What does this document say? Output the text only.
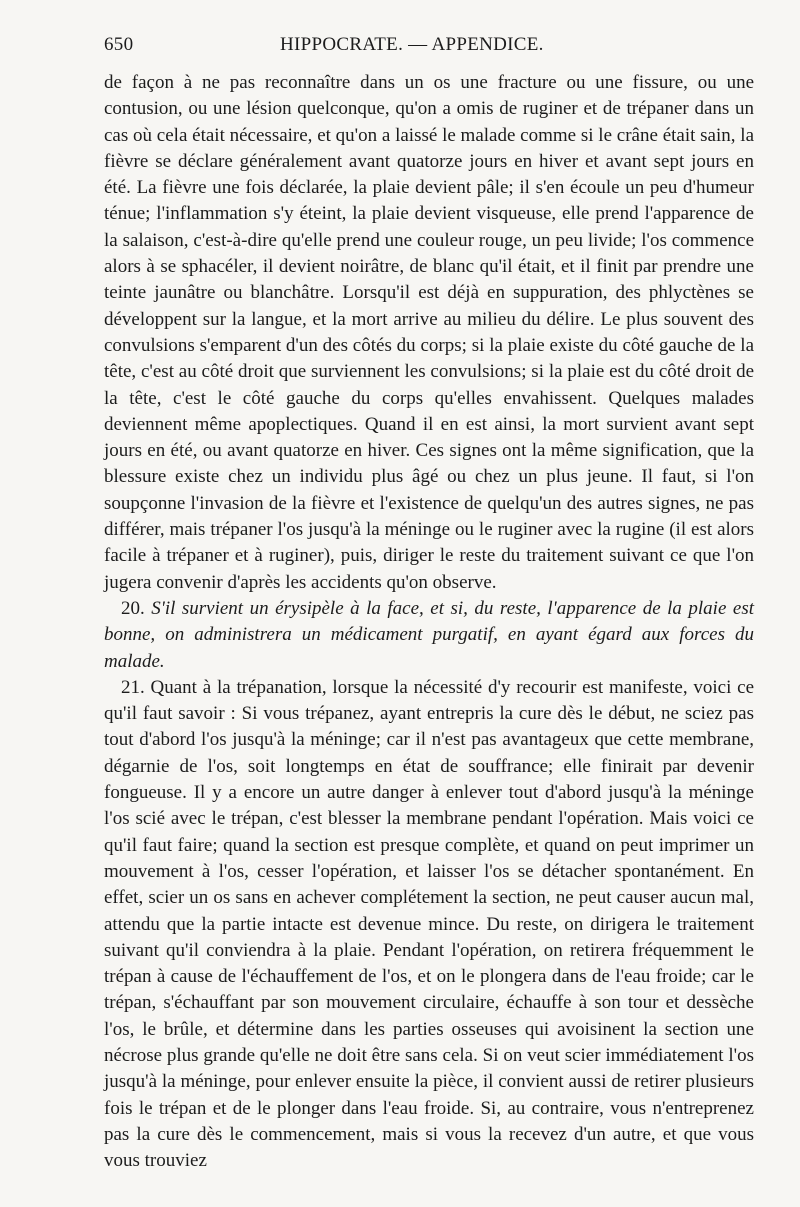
650	HIPPOCRATE. — APPENDICE.

de façon à ne pas reconnaître dans un os une fracture ou une fissure, ou une contusion, ou une lésion quelconque, qu'on a omis de ruginer et de trépaner dans un cas où cela était nécessaire, et qu'on a laissé le malade comme si le crâne était sain, la fièvre se déclare généralement avant quatorze jours en hiver et avant sept jours en été. La fièvre une fois déclarée, la plaie devient pâle; il s'en écoule un peu d'humeur ténue; l'inflammation s'y éteint, la plaie devient visqueuse, elle prend l'apparence de la salaison, c'est-à-dire qu'elle prend une couleur rouge, un peu livide; l'os commence alors à se sphacéler, il devient noirâtre, de blanc qu'il était, et il finit par prendre une teinte jaunâtre ou blanchâtre. Lorsqu'il est déjà en suppuration, des phlyctènes se développent sur la langue, et la mort arrive au milieu du délire. Le plus souvent des convulsions s'emparent d'un des côtés du corps; si la plaie existe du côté gauche de la tête, c'est au côté droit que surviennent les convulsions; si la plaie est du côté droit de la tête, c'est le côté gauche du corps qu'elles envahissent. Quelques malades deviennent même apoplectiques. Quand il en est ainsi, la mort survient avant sept jours en été, ou avant quatorze en hiver. Ces signes ont la même signification, que la blessure existe chez un individu plus âgé ou chez un plus jeune. Il faut, si l'on soupçonne l'invasion de la fièvre et l'existence de quelqu'un des autres signes, ne pas différer, mais trépaner l'os jusqu'à la méninge ou le ruginer avec la rugine (il est alors facile à trépaner et à ruginer), puis, diriger le reste du traitement suivant ce que l'on jugera convenir d'après les accidents qu'on observe.

20. S'il survient un érysipèle à la face, et si, du reste, l'apparence de la plaie est bonne, on administrera un médicament purgatif, en ayant égard aux forces du malade.

21. Quant à la trépanation, lorsque la nécessité d'y recourir est manifeste, voici ce qu'il faut savoir : Si vous trépanez, ayant entrepris la cure dès le début, ne sciez pas tout d'abord l'os jusqu'à la méninge; car il n'est pas avantageux que cette membrane, dégarnie de l'os, soit longtemps en état de souffrance; elle finirait par devenir fongueuse. Il y a encore un autre danger à enlever tout d'abord jusqu'à la méninge l'os scié avec le trépan, c'est blesser la membrane pendant l'opération. Mais voici ce qu'il faut faire; quand la section est presque complète, et quand on peut imprimer un mouvement à l'os, cesser l'opération, et laisser l'os se détacher spontanément. En effet, scier un os sans en achever complétement la section, ne peut causer aucun mal, attendu que la partie intacte est devenue mince. Du reste, on dirigera le traitement suivant qu'il conviendra à la plaie. Pendant l'opération, on retirera fréquemment le trépan à cause de l'échauffement de l'os, et on le plongera dans de l'eau froide; car le trépan, s'échauffant par son mouvement circulaire, échauffe à son tour et dessèche l'os, le brûle, et détermine dans les parties osseuses qui avoisinent la section une nécrose plus grande qu'elle ne doit être sans cela. Si on veut scier immédiatement l'os jusqu'à la méninge, pour enlever ensuite la pièce, il convient aussi de retirer plusieurs fois le trépan et de le plonger dans l'eau froide. Si, au contraire, vous n'entreprenez pas la cure dès le commencement, mais si vous la recevez d'un autre, et que vous vous trouviez
